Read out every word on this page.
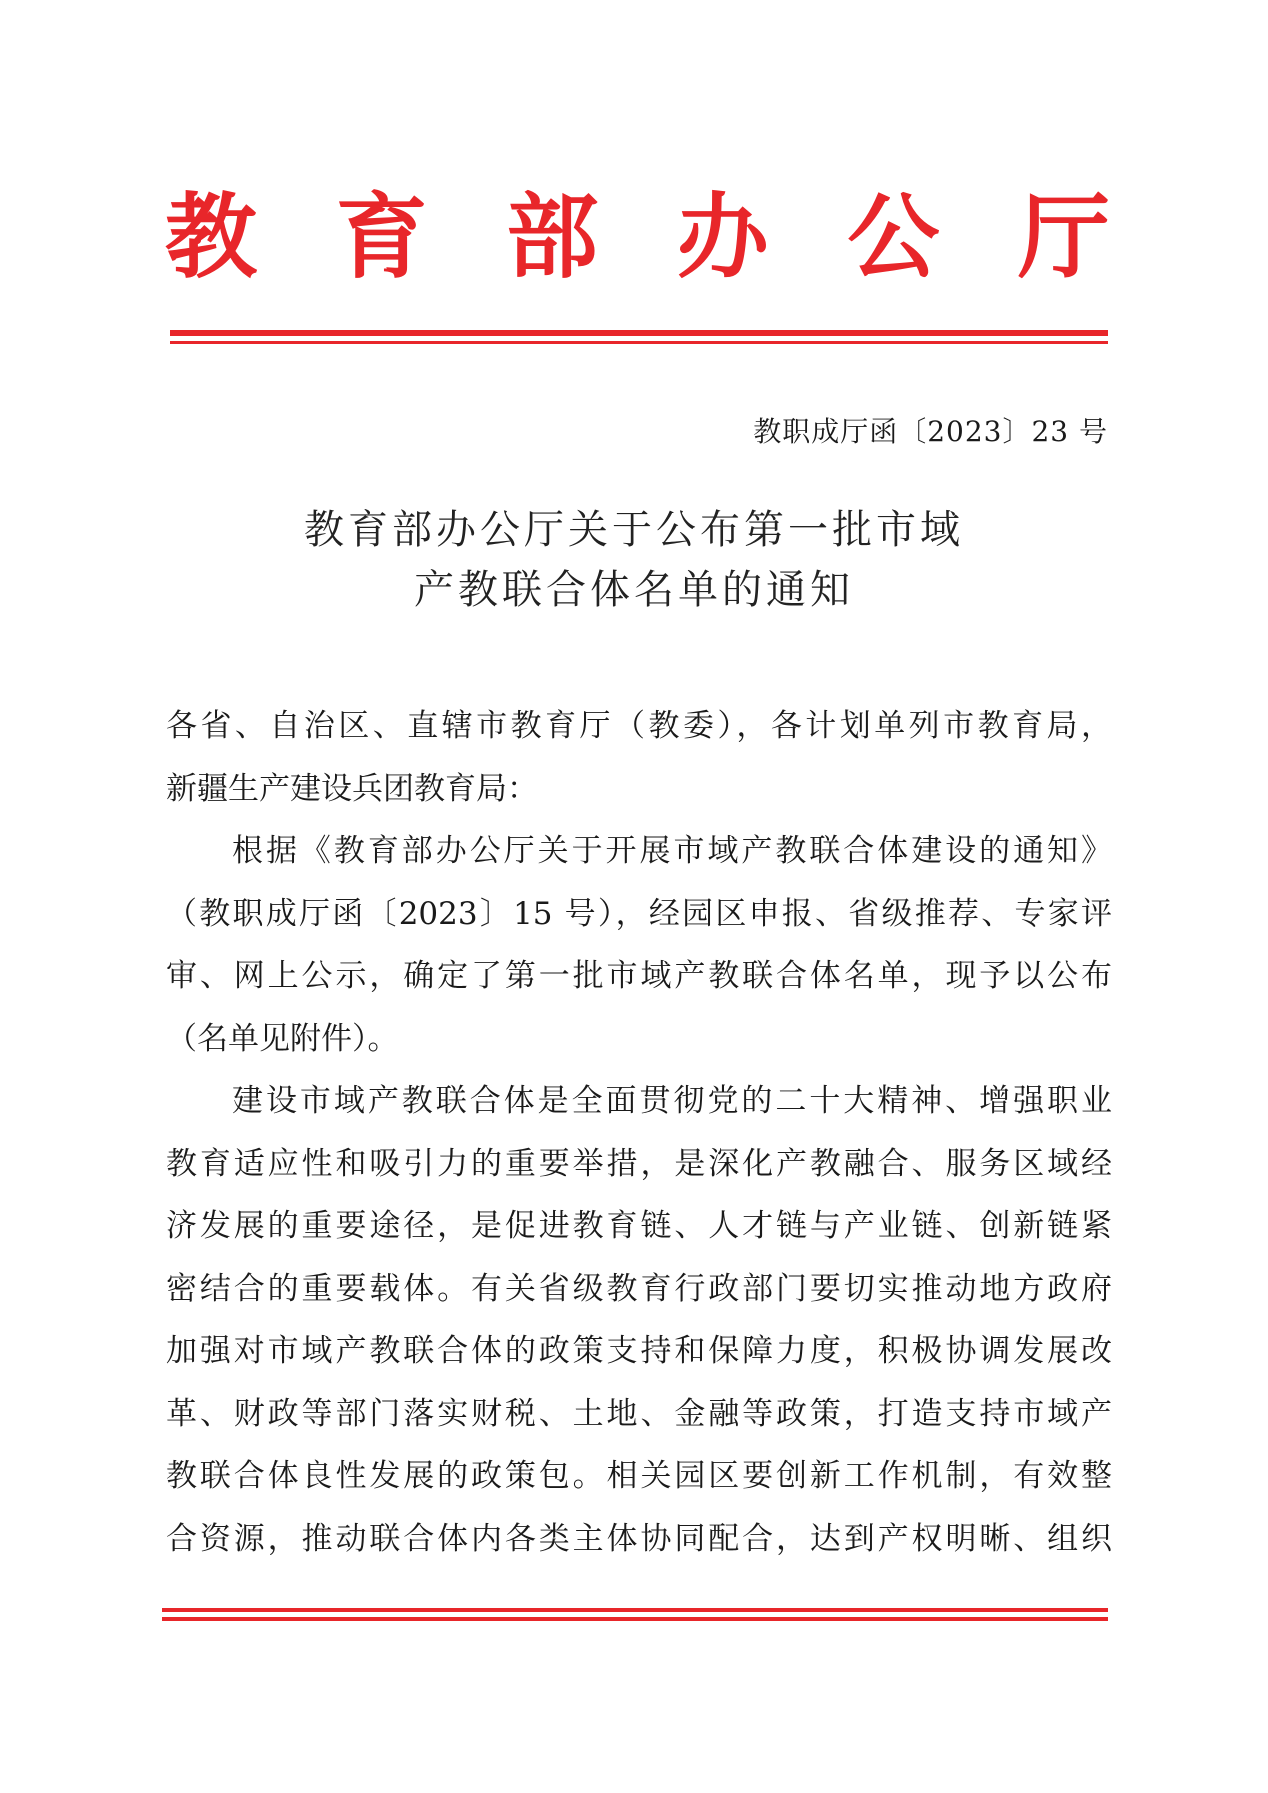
教 育 部 办 公 厅
教职成厅函〔2023〕23 号
教育部办公厅关于公布第一批市域
产教联合体名单的通知
各省、自治区、直辖市教育厅（教委），各计划单列市教育局，
新疆生产建设兵团教育局：
根据《教育部办公厅关于开展市域产教联合体建设的通知》
（教职成厅函〔2023〕15 号），经园区申报、省级推荐、专家评
审、网上公示，确定了第一批市域产教联合体名单，现予以公布
（名单见附件）。
建设市域产教联合体是全面贯彻党的二十大精神、增强职业
教育适应性和吸引力的重要举措，是深化产教融合、服务区域经
济发展的重要途径，是促进教育链、人才链与产业链、创新链紧
密结合的重要载体。有关省级教育行政部门要切实推动地方政府
加强对市域产教联合体的政策支持和保障力度，积极协调发展改
革、财政等部门落实财税、土地、金融等政策，打造支持市域产
教联合体良性发展的政策包。相关园区要创新工作机制，有效整
合资源，推动联合体内各类主体协同配合，达到产权明晰、组织
